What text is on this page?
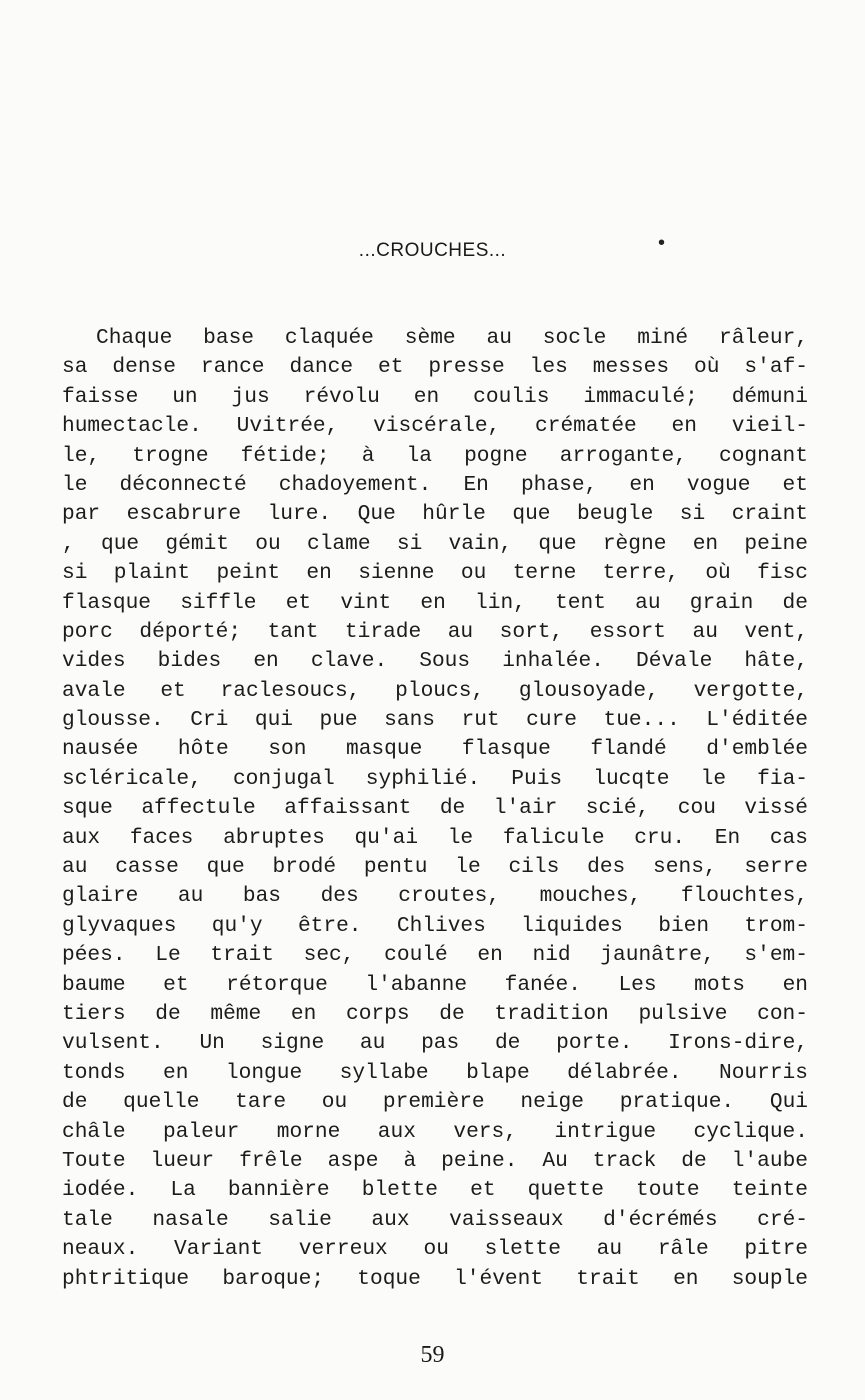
...CROUCHES...	•
Chaque base claquée sème au socle miné râleur,
sa dense rance dance et presse les messes où s'af-
faisse un jus révolu en coulis immaculé; démuni
humectacle. Uvitrée, viscérale, crématée en vieil-
le, trogne fétide; à la pogne arrogante, cognant
le déconnecté chadoyement. En phase, en vogue et
par escabrure lure. Que hûrle que beugle si craint
, que gémit ou clame si vain, que règne en peine
si plaint peint en sienne ou terne terre, où fisc
flasque siffle et vint en lin, tent au grain de
porc déporté; tant tirade au sort, essort au vent,
vides bides en clave. Sous inhalée. Dévale hâte,
avale et raclesoucs, ploucs, glousoyade, vergotte,
glousse. Cri qui pue sans rut cure tue... L'éditée
nausée hôte son masque flasque flandé d'emblée
scléricale, conjugal syphilié. Puis lucqte le fia-
sque affectule affaissant de l'air scié, cou vissé
aux faces abruptes qu'ai le falicule cru. En cas
au casse que brodé pentu le cils des sens, serre
glaire au bas des croutes, mouches, flouchtes,
glyvaques qu'y être. Chlives liquides bien trom-
pées. Le trait sec, coulé en nid jaunâtre, s'em-
baume et rétorque l'abanne fanée. Les mots en
tiers de même en corps de tradition pulsive con-
vulsent. Un signe au pas de porte. Irons-dire,
tonds en longue syllabe blape délabrée. Nourris
de quelle tare ou première neige pratique. Qui
châle paleur morne aux vers, intrigue cyclique.
Toute lueur frêle aspe à peine. Au track de l'aube
iodée. La bannière blette et quette toute teinte
tale nasale salie aux vaisseaux d'écrémés cré-
neaux. Variant verreux ou slette au râle pitre
phtritique baroque; toque l'évent trait en souple
59
